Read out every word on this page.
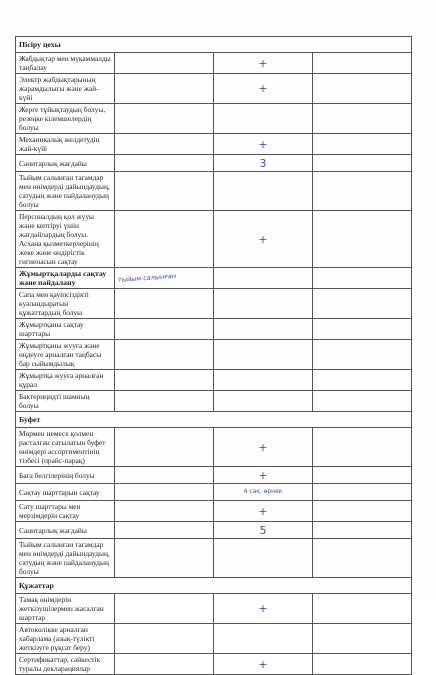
Пісіру цехы			
Жабдықтар мен мүкаммалды таңбалау		+	

Электр жабдықтарының жарамдылығы және жай-күйі		+	

Жерге тұйықтаудың болуы, резеңке кілемшелердің болуы		

Механикалық желдетудің жай-күйі		+	

Санитарлық жағдайы		3	

Тыйым салынған тағамдар мен өнімдерді дайындаудың, сатудың және пайдаланудың болуы		

Персоналдың қол жууы және кептіруі үшін жағдайлардың болуы. Асхана қызметкерлерінің жеке және өндірістік гигиенасын сақтау		+	

Жұмыртқаларды сақтау және пайдалану	тыйым салынған		
Сапа мен қауіпсіздікті куәландыратын құжаттардың болуы		

Жұмыртқаны сақтау шарттары		

Жұмыртқаны жууға және өңдеуге арналған таңбасы бар сыйымдылық		

Жұмыртқа жууға арналған құрал		

Бактерицидті шамның болуы		

Буфет			
Мөрмен немесе қолмен расталған сатылатын буфет өнімдері ассортиментінің тізбесі (прайс-парақ)		+	

Баға белгілерінің болуы		+	

Сақтау шарттарын сақтау		4 сақ. өрнек	

Сату шарттары мен мерзімдерін сақтау		+	

Санитарлық жағдайы		5	

Тыйым салынған тағамдар мен өнімдерді дайындаудың, сатудың және пайдаланудың болуы		

Құжаттар			
Тамақ өнімдерін жеткізушілермен жасалған шарттар		+	

Автокөлікке арналған хабарлама (азық-түлікті жеткізуге рұқсат беру)		

Сертификаттар, сәйкестік туралы декларациялар		+	
